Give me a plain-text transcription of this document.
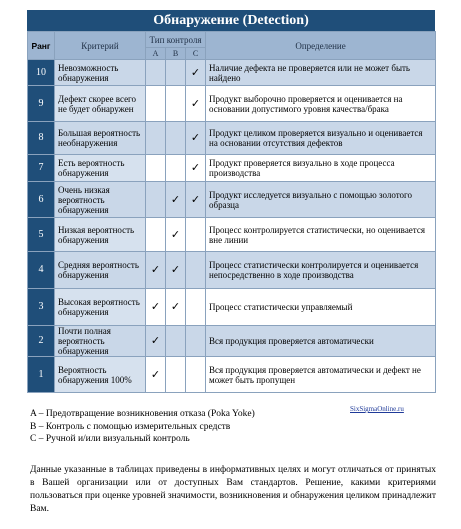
Обнаружение (Detection)
Ранг	Критерий	Тип контроля			Определение
		A	B	C	
10	Невозможность обнаружения			✓	Наличие дефекта не проверяется или не может быть найдено
9	Дефект скорее всего не будет обнаружен			✓	Продукт выборочно проверяется и оценивается на основании допустимого уровня качества/брака
8	Большая вероятность необнаружения			✓	Продукт целиком проверяется визуально и оценивается на основании отсутствия дефектов
7	Есть вероятность обнаружения			✓	Продукт проверяется визуально в ходе процесса производства
6	Очень низкая вероятность обнаружения		✓	✓	Продукт исследуется визуально с помощью золотого образца
5	Низкая вероятность обнаружения		✓		Процесс контролируется статистически, но оценивается вне линии
4	Средняя вероятность обнаружения	✓	✓		Процесс статистически контролируется и оценивается непосредственно в ходе производства
3	Высокая вероятность обнаружения	✓	✓		Процесс статистически управляемый
2	Почти полная вероятность обнаружения	✓			Вся продукция проверяется автоматически
1	Вероятность обнаружения 100%	✓			Вся продукция проверяется автоматически и дефект не может быть пропущен
SixSigmaOnline.ru
A – Предотвращение возникновения отказа (Poka Yoke)
B – Контроль с помощью измерительных средств
C – Ручной и/или визуальный контроль
Данные указанные в таблицах приведены в информативных целях и могут отличаться от принятых в Вашей организации или от доступных Вам стандартов. Решение, какими критериями пользоваться при оценке уровней значимости, возникновения и обнаружения целиком принадлежит Вам.
